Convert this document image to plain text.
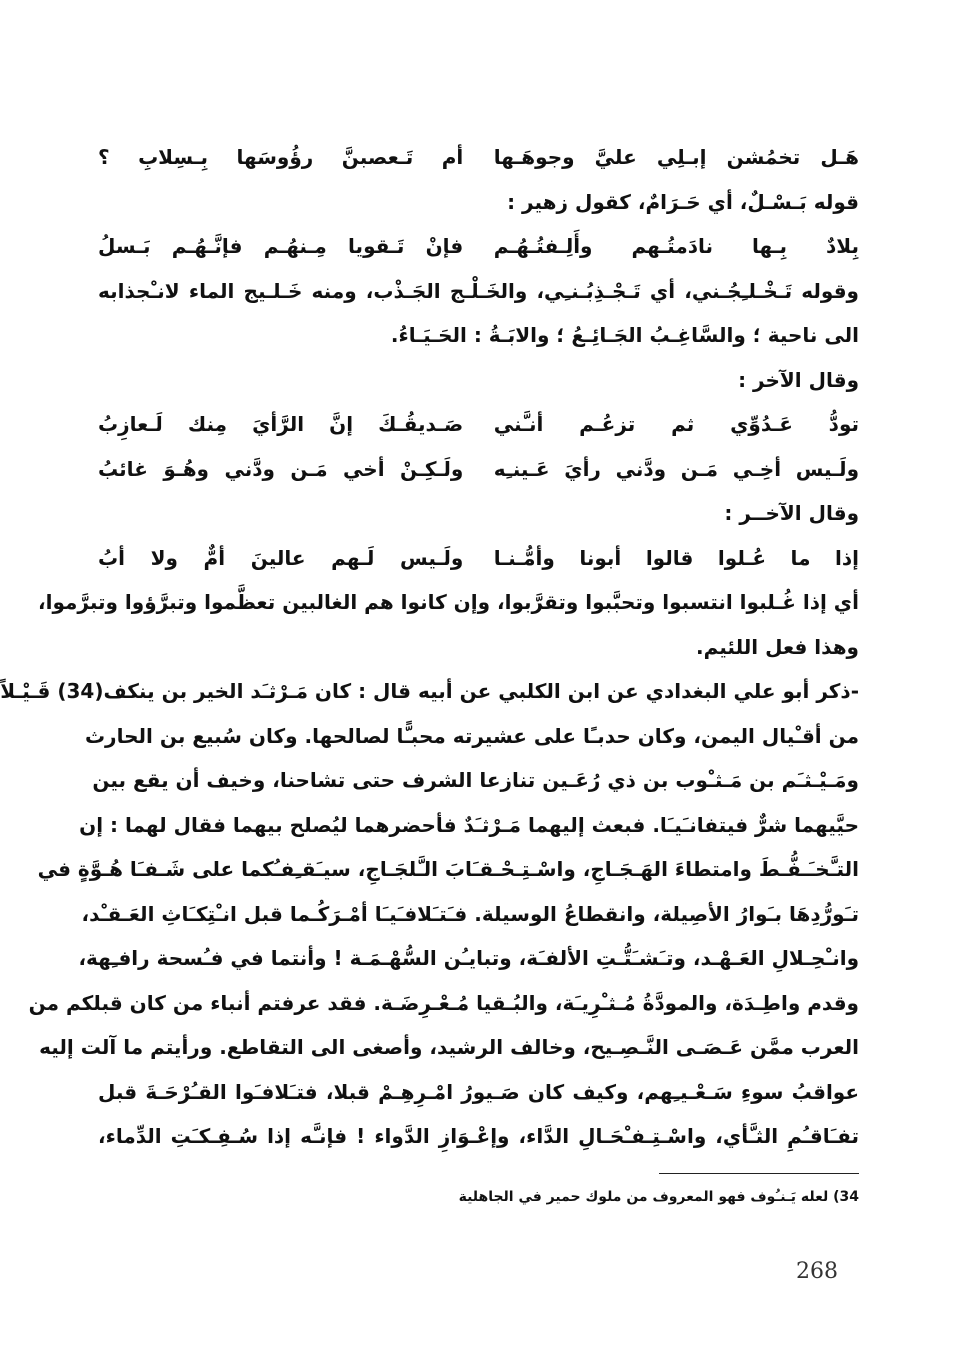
هَـل تخمُشن إبـلِي عليَّ وجوهَـها
أم تَـعصبنَّ رؤُوسَها بِـسِلابِ ؟
قوله بَـسْـلٌ، أي حَـرَامٌ، كقول زهير :
بِلادٌ بِـها نادَمتُـهم وأَلِـفتُـهُـم
فإنْ تَـقويا مِـنهُـم فإنَّـهُـم بَـسلُ
وقوله تَـخْـلـِجُـني، أي تَـجْـذِبُـنـِي، والخَـلْـج الجَـذْب، ومنه خَـلـيج الماء لانـْجذابه
الى ناحية ؛ والسَّاغِـبُ الجَـائِـعُ ؛ والابَـةُ : الحَـيَـاءُ.
وقال الآخر :
تودُّ عَـدُوِّي ثم تزعُـم أنـَّني
صَـديقُـكَ إنَّ الرَّأيَ مِنك لَـعازِبُ
ولَـيس أخِـي مَـن ودَّني رأيَ عَـينـِه
ولَـكِـنْ أخي مَـن ودَّني وهُـوَ غائبُ
وقال الآخــر :
إذا ما عُـلوا قالوا أبونا وأمُّـنـا
ولَـيس لَـهم عالينَ أمٌّ ولا أبُ
أي إذا غُـلبوا انتسبوا وتحبَّبوا وتقرَّبوا، وإن كانوا هم الغالبين تعظَّموا وتبرَّؤوا وتبرَّموا،
وهذا فعل اللئيم.
-ذكر أبو علي البغدادي عن ابن الكلبي عن أبيه قال : كان مَـرْثـَد الخير بن ينكف(34) قَـيْـلاً
من أقـْيال اليمن، وكان حدبـًا على عشيرته محبـًّا لصالحها. وكان سُبيع بن الحارث
ومَـيْـثـَم بن مَـثـْوب بن ذي رُعَـين تنازعا الشرف حتى تشاحنا، وخيف أن يقع بين
حيَّيهما شرٌّ فيتفانـَيـَا. فبعث إليهما مَـرْثـَدٌ فأحضرهما ليُصلح بيهما فقال لهما : إن
التـَّخـَـفُّـطَ وامتطاءَ الهَـجَـاجِ، واسْـتِـحْـقـَابَ الـَّلجَـاجِ، سيـَقـِفـُكما على شَـفـَا هُـوَّةٍ في
تـَورُّدِهَا بـَوارُ الأصِيلة، وانقطاعُ الوسيلة. فـَتـَلافـَيـَا أمْـرَكُـما قبل انـْتِكـَاثِ العَـقـْد،
وانـْحِـلالِ العَـهْـد، وتـَشـَتُّـتِ الألفـَة، وتبايـُن السُّهْـمَـة ! وأنتما في فـُسحة رافـِهة،
وقدم واطِـدَة، والمودَّةُ مُـثـْرِيـَة، والبُـقيا مُـعْـرِضَـة. فقد عرفتم أنباء من كان قبلكم من
العرب ممَّن عَـصَـى النَّـصِـيح، وخالف الرشيد، وأصغى الى التقاطع. ورأيتم ما آلت إليه
عواقبُ سوءِ سَـعْـيـِهم، وكيف كان صَـيورُ امْـرِهِـمْ قبلا، فتـَلافـَوا القـُرْحَـةَ قبل
تفـَاقـُمِ الثـَّأي، واسْـتِـفـْحَـالِ الدَّاء، وإعْـوَازِ الدَّواء ! فإنـَّه إذا سُـفِـكـَتِ الدِّماء،
34) لعله يَـنـُوف فهو المعروف من ملوك حمير في الجاهلية
268
